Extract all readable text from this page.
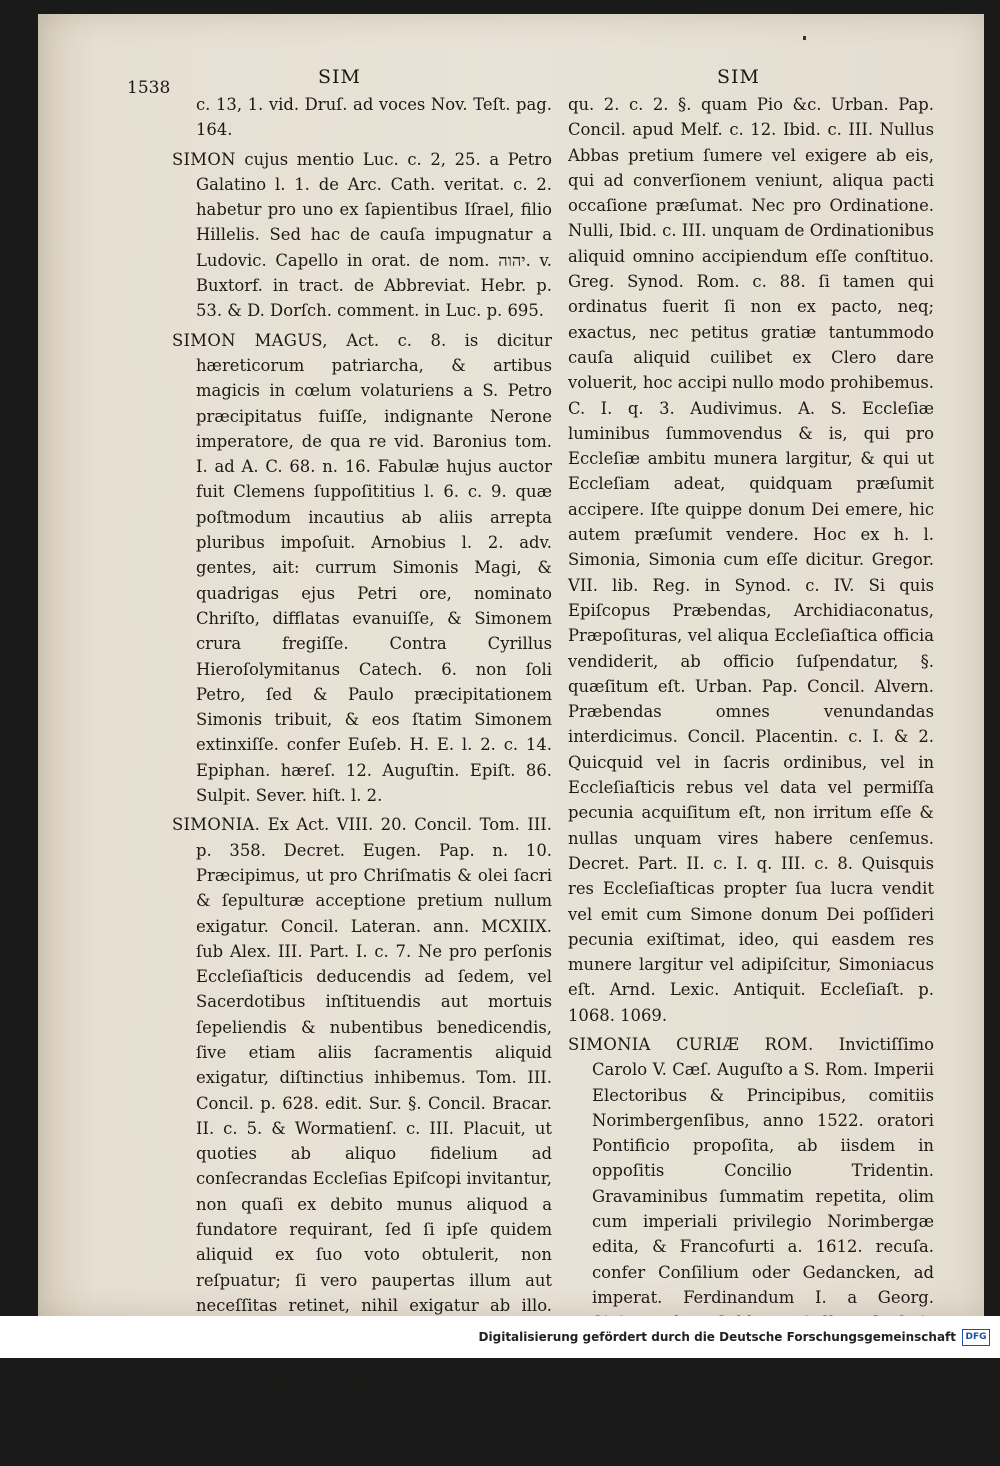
1538	SIM	SIM

c. 13, 1. vid. Druſ. ad voces Nov. Teſt. pag. 164.

SIMON cujus mentio Luc. c. 2, 25. a Petro Galatino l. 1. de Arc. Cath. veritat. c. 2. habetur pro uno ex ſapientibus Iſrael, filio Hillelis. Sed hac de cauſa impugnatur a Ludovic. Capello in orat. de nom. יהוה. v. Buxtorf. in tract. de Abbreviat. Hebr. p. 53. & D. Dorſch. comment. in Luc. p. 695.

SIMON MAGUS, Act. c. 8. is dicitur hæreticorum patriarcha, & artibus magicis in cœlum volaturiens a S. Petro præcipitatus fuiſſe, indignante Nerone imperatore, de qua re vid. Baronius tom. I. ad A. C. 68. n. 16. Fabulæ hujus auctor fuit Clemens ſuppoſititius l. 6. c. 9. quæ poſtmodum incautius ab aliis arrepta pluribus impoſuit. Arnobius l. 2. adv. gentes, ait: currum Simonis Magi, & quadrigas ejus Petri ore, nominato Chriſto, difflatas evanuiſſe, & Simonem crura fregiſſe. Contra Cyrillus Hieroſolymitanus Catech. 6. non ſoli Petro, ſed & Paulo præcipitationem Simonis tribuit, & eos ſtatim Simonem extinxiſſe. confer Euſeb. H. E. l. 2. c. 14. Epiphan. hæreſ. 12. Auguſtin. Epiſt. 86. Sulpit. Sever. hiſt. l. 2.

SIMONIA. Ex Act. VIII. 20. Concil. Tom. III. p. 358. Decret. Eugen. Pap. n. 10. Præcipimus, ut pro Chriſmatis & olei ſacri & ſepulturæ acceptione pretium nullum exigatur. Concil. Lateran. ann. MCXIIX. ſub Alex. III. Part. I. c. 7. Ne pro perſonis Eccleſiaſticis deducendis ad ſedem, vel Sacerdotibus inſtituendis aut mortuis ſepeliendis & nubentibus benedicendis, ſive etiam aliis ſacramentis aliquid exigatur, diſtinctius inhibemus. Tom. III. Concil. p. 628. edit. Sur. §. Concil. Bracar. II. c. 5. & Wormatienſ. c. III. Placuit, ut quoties ab aliquo fidelium ad conſecrandas Eccleſias Epiſcopi invitantur, non quaſi ex debito munus aliquod a fundatore requirant, ſed ſi ipſe quidem aliquid ex ſuo voto obtulerit, non reſpuatur; ſi vero paupertas illum aut neceſſitas retinet, nihil exigatur ab illo. pretio aliquis ad converſionem eſt invitandus. Cauſ. I. I.

qu. 2. c. 2. §. quam Pio &c. Urban. Pap. Concil. apud Melf. c. 12. Ibid. c. III. Nullus Abbas pretium ſumere vel exigere ab eis, qui ad converſionem veniunt, aliqua pacti occaſione præſumat. Nec pro Ordinatione. Nulli, Ibid. c. III. unquam de Ordinationibus aliquid omnino accipiendum eſſe conſtituo. Greg. Synod. Rom. c. 88. ſi tamen qui ordinatus fuerit ſi non ex pacto, neq; exactus, nec petitus gratiæ tantummodo cauſa aliquid cuilibet ex Clero dare voluerit, hoc accipi nullo modo prohibemus. C. I. q. 3. Audivimus. A. S. Eccleſiæ luminibus ſummovendus & is, qui pro Eccleſiæ ambitu munera largitur, & qui ut Eccleſiam adeat, quidquam præſumit accipere. Iſte quippe donum Dei emere, hic autem præſumit vendere. Hoc ex h. l. Simonia, Simonia cum eſſe dicitur. Gregor. VII. lib. Reg. in Synod. c. IV. Si quis Epiſcopus Præbendas, Archidiaconatus, Præpoſituras, vel aliqua Eccleſiaſtica officia vendiderit, ab officio ſuſpendatur, §. quæſitum eſt. Urban. Pap. Concil. Alvern. Præbendas omnes venundandas interdicimus. Concil. Placentin. c. I. & 2. Quicquid vel in ſacris ordinibus, vel in Eccleſiaſticis rebus vel data vel permiſſa pecunia acquiſitum eſt, non irritum eſſe & nullas unquam vires habere cenſemus. Decret. Part. II. c. I. q. III. c. 8. Quisquis res Eccleſiaſticas propter ſua lucra vendit vel emit cum Simone donum Dei poſſideri pecunia exiſtimat, ideo, qui easdem res munere largitur vel adipiſcitur, Simoniacus eſt. Arnd. Lexic. Antiquit. Eccleſiaſt. p. 1068. 1069.

SIMONIA CURIÆ ROM. Invictiſſimo Carolo V. Cæſ. Auguſto a S. Rom. Imperii Electoribus & Principibus, comitiis Norimbergenſibus, anno 1522. oratori Pontificio propoſita, ab iisdem in oppoſitis Concilio Tridentin. Gravaminibus ſummatim repetita, olim cum imperiali privilegio Norimbergæ edita, & Francofurti a. 1612. recuſa. confer Conſilium oder Gedancken, ad imperat. Ferdinandum I. a Georg. Francofurti a. 1612. item Baronis Lazari a Swendi, Cæſaris Maximiliani I. conſil. intimo, Judicium de Libertate Religionis (Freyſtellung der Religion)

Digitalisierung gefördert durch die Deutsche Forschungsgemeinschaft	DFG
